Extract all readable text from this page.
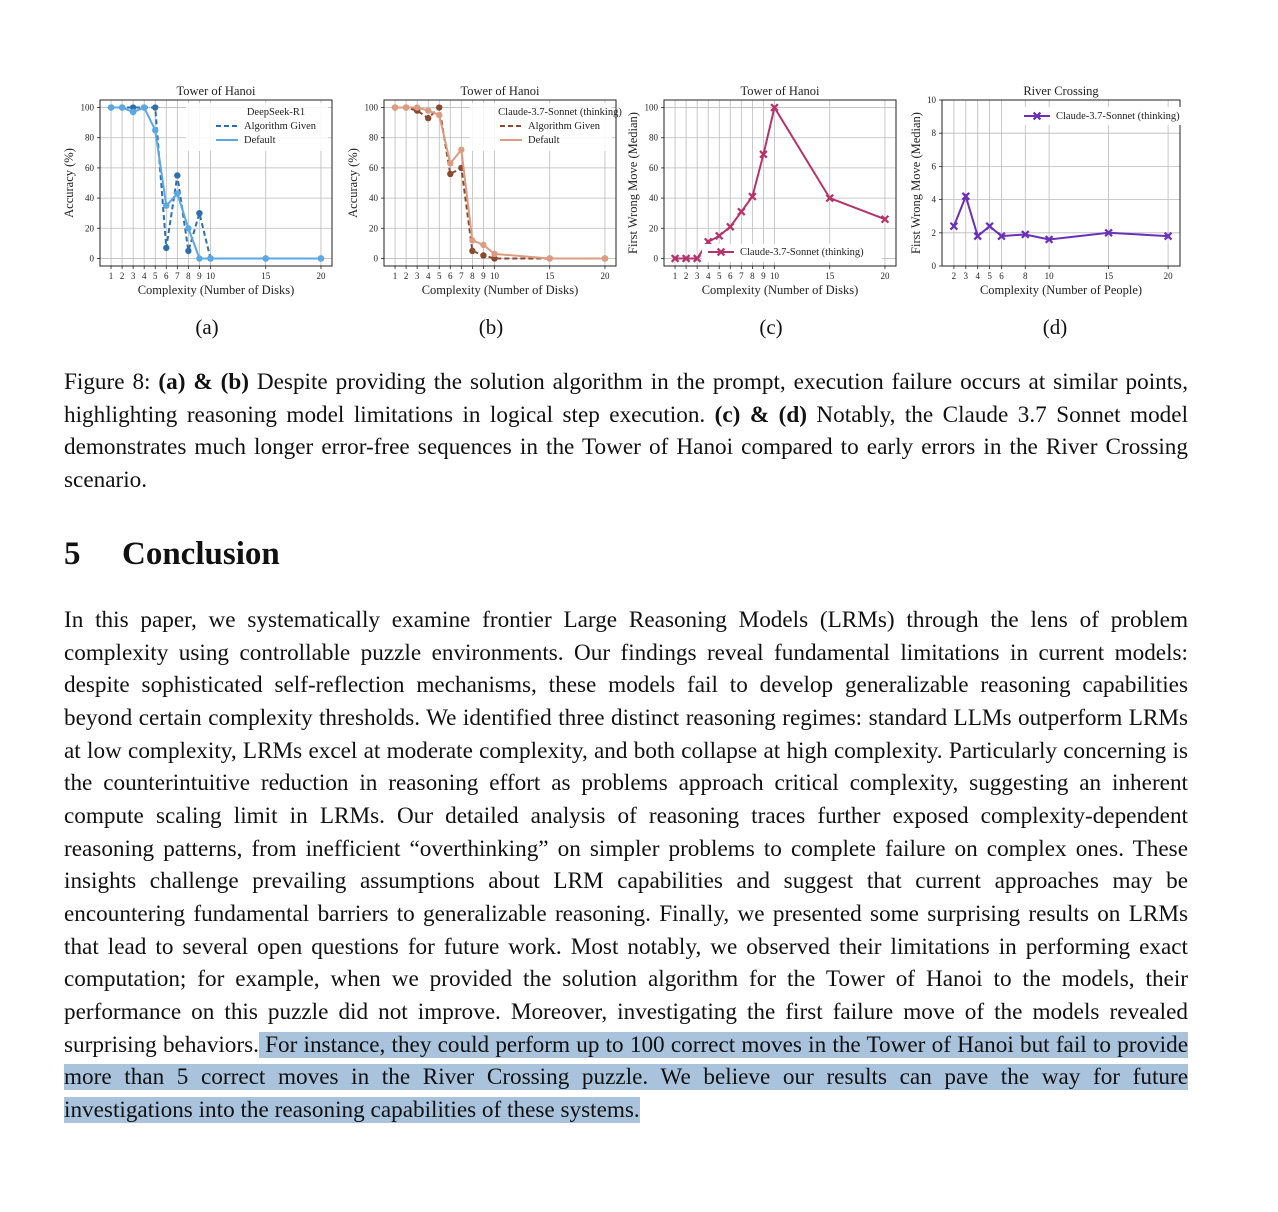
Tower of Hanoi
1 2 3 4 5 6 7 8 9 10	15	20
0
20
40
60
80
100
Complexity (Number of Disks)
Accuracy (%)
DeepSeek-R1
Algorithm Given
Default
(a)
Tower of Hanoi
1 2 3 4 5 6 7 8 9 10	15	20
0
20
40
60
80
100
Complexity (Number of Disks)
Accuracy (%)
Claude-3.7-Sonnet (thinking)
Algorithm Given
Default
(b)
Tower of Hanoi
1 2 3 4 5 6 7 8 9 10	15	20
0
20
40
60
80
100
Complexity (Number of Disks)
First Wrong Move (Median)	Claude-3.7-Sonnet (thinking)
(c)
River Crossing
2 3 4 5 6 8 10	15	20
0
2
4
6
8
10
Complexity (Number of People)
First Wrong Move (Median)	Claude-3.7-Sonnet (thinking)
(d)
Figure 8: (a) & (b) Despite providing the solution algorithm in the prompt, execution failure occurs at similar points, highlighting reasoning model limitations in logical step execution. (c) & (d) Notably, the Claude 3.7 Sonnet model demonstrates much longer error-free sequences in the Tower of Hanoi compared to early errors in the River Crossing scenario.
5 Conclusion
In this paper, we systematically examine frontier Large Reasoning Models (LRMs) through the lens of problem complexity using controllable puzzle environments. Our findings reveal fundamental limitations in current models: despite sophisticated self-reflection mechanisms, these models fail to develop generalizable reasoning capabilities beyond certain complexity thresholds. We identified three distinct reasoning regimes: standard LLMs outperform LRMs at low complexity, LRMs excel at moderate complexity, and both collapse at high complexity. Particularly concerning is the counterintuitive reduction in reasoning effort as problems approach critical complexity, suggesting an inherent compute scaling limit in LRMs. Our detailed analysis of reasoning traces further exposed complexity-dependent reasoning patterns, from inefficient “overthinking” on simpler problems to complete failure on complex ones. These insights challenge prevailing assumptions about LRM capabilities and suggest that current approaches may be encountering fundamental barriers to generalizable reasoning. Finally, we presented some surprising results on LRMs that lead to several open questions for future work. Most notably, we observed their limitations in performing exact computation; for example, when we provided the solution algorithm for the Tower of Hanoi to the models, their performance on this puzzle did not improve. Moreover, investigating the first failure move of the models revealed surprising behaviors. For instance, they could perform up to 100 correct moves in the Tower of Hanoi but fail to provide more than 5 correct moves in the River Crossing puzzle. We believe our results can pave the way for future investigations into the reasoning capabilities of these systems.
